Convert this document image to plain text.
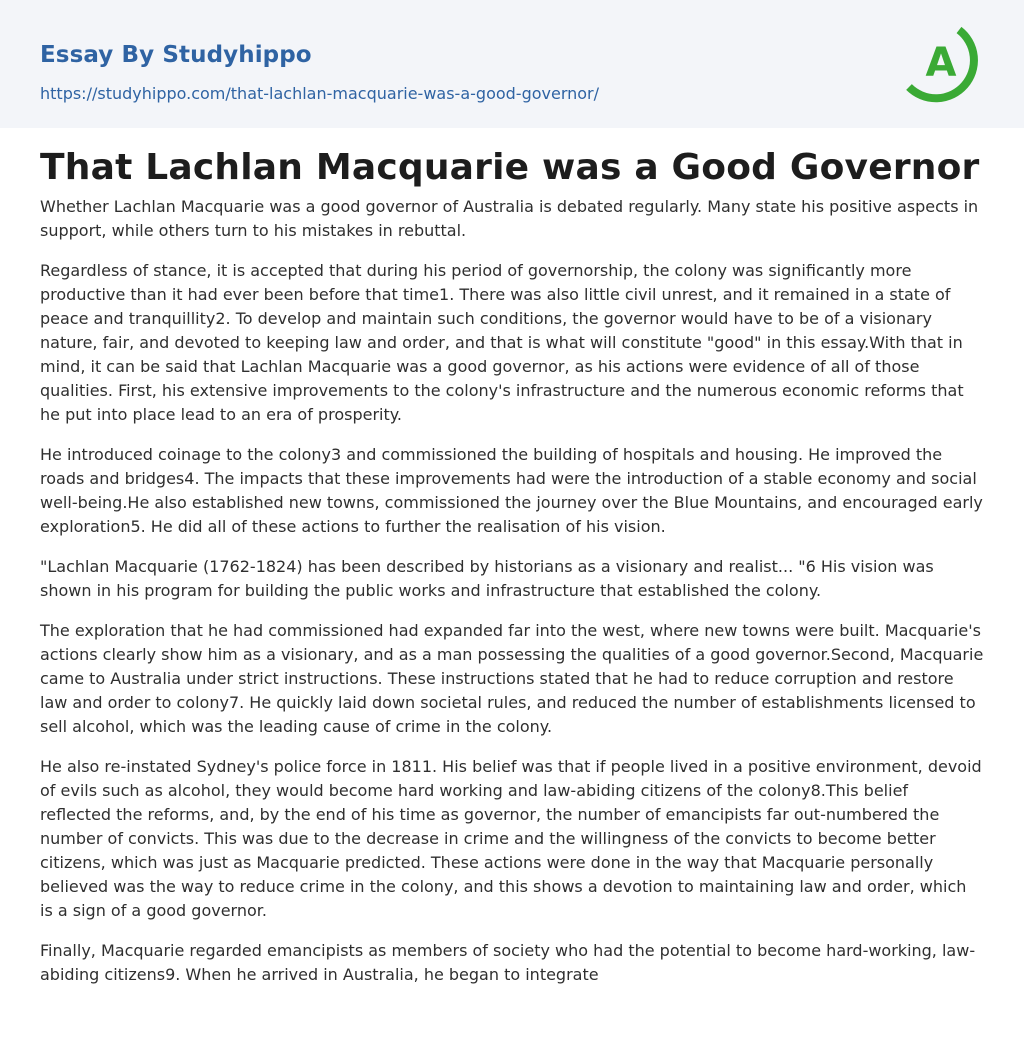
Essay By Studyhippo
https://studyhippo.com/that-lachlan-macquarie-was-a-good-governor/
A
That Lachlan Macquarie was a Good Governor

Whether Lachlan Macquarie was a good governor of Australia is debated regularly. Many state his positive aspects in support, while others turn to his mistakes in rebuttal.

Regardless of stance, it is accepted that during his period of governorship, the colony was significantly more productive than it had ever been before that time1. There was also little civil unrest, and it remained in a state of peace and tranquillity2. To develop and maintain such conditions, the governor would have to be of a visionary nature, fair, and devoted to keeping law and order, and that is what will constitute "good" in this essay.With that in mind, it can be said that Lachlan Macquarie was a good governor, as his actions were evidence of all of those qualities. First, his extensive improvements to the colony's infrastructure and the numerous economic reforms that he put into place lead to an era of prosperity.

He introduced coinage to the colony3 and commissioned the building of hospitals and housing. He improved the roads and bridges4. The impacts that these improvements had were the introduction of a stable economy and social well-being.He also established new towns, commissioned the journey over the Blue Mountains, and encouraged early exploration5. He did all of these actions to further the realisation of his vision.

"Lachlan Macquarie (1762-1824) has been described by historians as a visionary and realist... "6 His vision was shown in his program for building the public works and infrastructure that established the colony.

The exploration that he had commissioned had expanded far into the west, where new towns were built. Macquarie's actions clearly show him as a visionary, and as a man possessing the qualities of a good governor.Second, Macquarie came to Australia under strict instructions. These instructions stated that he had to reduce corruption and restore law and order to colony7. He quickly laid down societal rules, and reduced the number of establishments licensed to sell alcohol, which was the leading cause of crime in the colony.

He also re-instated Sydney's police force in 1811. His belief was that if people lived in a positive environment, devoid of evils such as alcohol, they would become hard working and law-abiding citizens of the colony8.This belief reflected the reforms, and, by the end of his time as governor, the number of emancipists far out-numbered the number of convicts. This was due to the decrease in crime and the willingness of the convicts to become better citizens, which was just as Macquarie predicted. These actions were done in the way that Macquarie personally believed was the way to reduce crime in the colony, and this shows a devotion to maintaining law and order, which is a sign of a good governor.

Finally, Macquarie regarded emancipists as members of society who had the potential to become hard-working, law-abiding citizens9. When he arrived in Australia, he began to integrate
